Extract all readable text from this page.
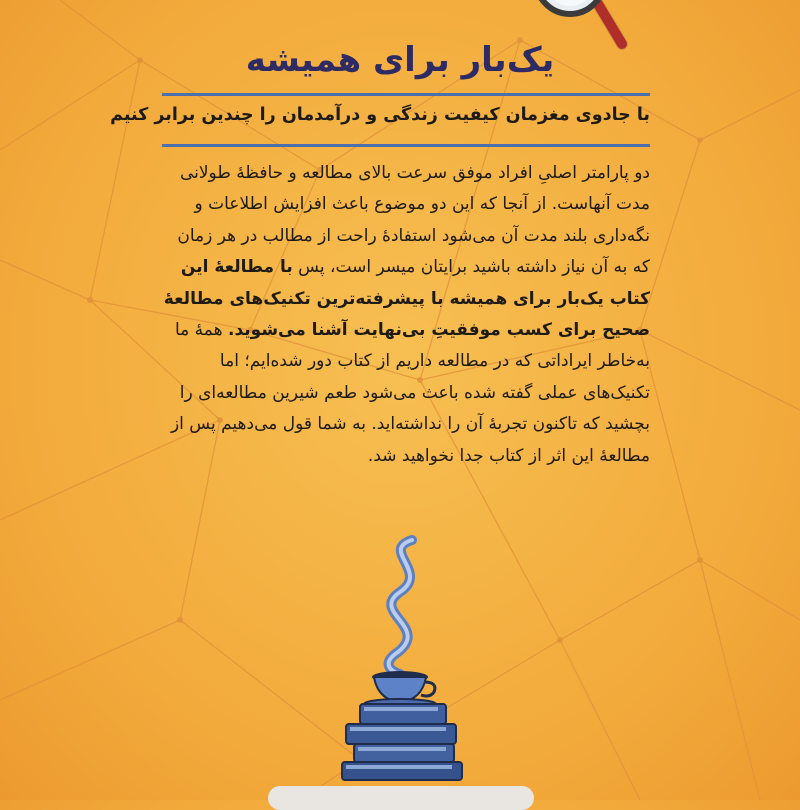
یک‌بار برای همیشه
با جادوی مغزمان کیفیت زندگی و درآمدمان را چندین برابر کنیم
دو پارامتر اصلیِ افراد موفق سرعت بالای مطالعه و حافظهٔ طولانی مدت آنهاست. از آنجا که این دو موضوع باعث افزایش اطلاعات و نگه‌داری بلند مدت آن می‌شود استفادهٔ راحت از مطالب در هر زمان که به آن نیاز داشته باشید برایتان میسر است، پس با مطالعهٔ این کتاب یک‌بار برای همیشه با پیشرفته‌ترین تکنیک‌های مطالعهٔ صحیح برای کسب موفقیتِ بی‌نهایت آشنا می‌شوید. همهٔ ما به‌خاطر ایراداتی که در مطالعه داریم از کتاب دور شده‌ایم؛ اما تکنیک‌های عملی گفته شده باعث می‌شود طعم شیرین مطالعه‌ای را بچشید که تاکنون تجربهٔ آن را نداشته‌اید. به شما قول می‌دهیم پس از مطالعهٔ این اثر از کتاب جدا نخواهید شد.
